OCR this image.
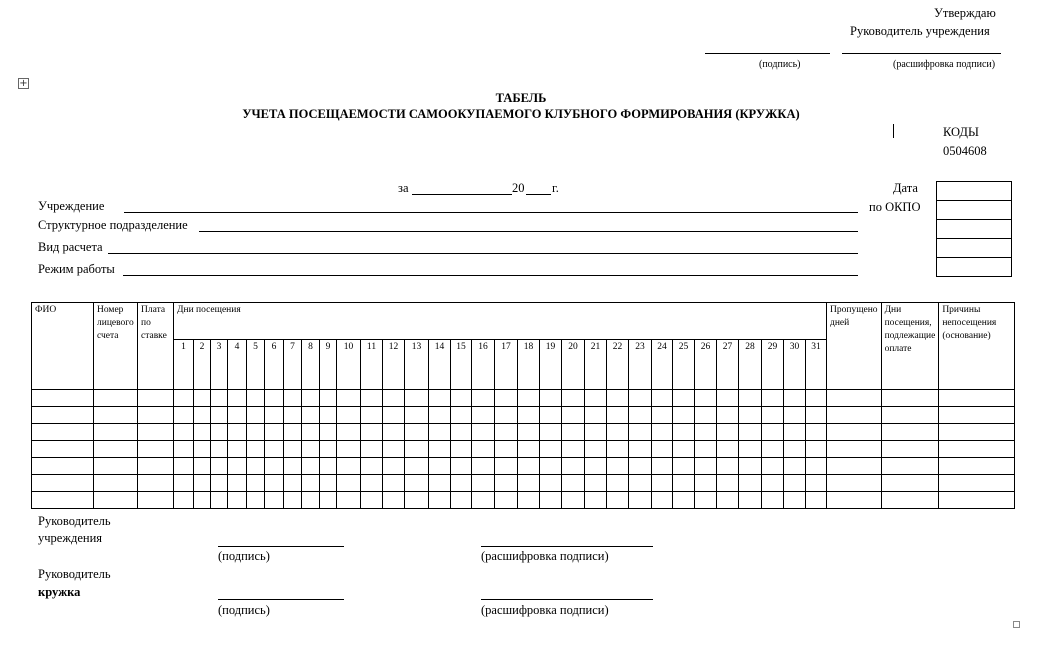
Утверждаю
Руководитель учреждения
(подпись)	(расшифровка подписи)
+
ТАБЕЛЬ
УЧЕТА ПОСЕЩАЕМОСТИ САМООКУПАЕМОГО КЛУБНОГО ФОРМИРОВАНИЯ (КРУЖКА)
КОДЫ
0504608
Дата
по ОКПО

за	20 г.
Учреждение
Структурное подразделение
Вид расчета
Режим работы
ФИО	Номер лицевого счета	Плата по ставке	Дни посещения																															Пропущено дней	Дни посещения, подлежащие оплате	Причины непосещения (основание)
			1	2	3	4	5	6	7	8	9	10	11	12	13	14	15	16	17	18	19	20	21	22	23	24	25	26	27	28	29	30	31			

Руководитель
учреждения
(подпись)	(расшифровка подписи)
Руководитель
кружка
(подпись)	(расшифровка подписи)
